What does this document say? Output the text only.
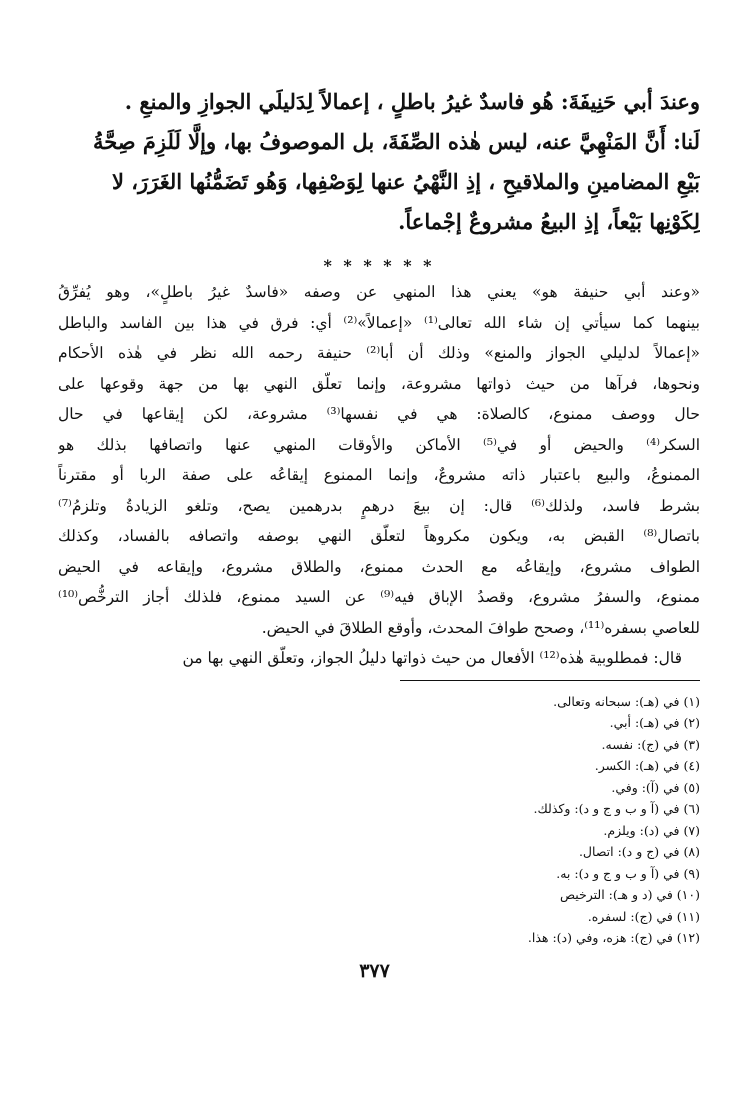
وعندَ أبي حَنِيفَةَ: هُو فاسدٌ غيرُ باطلٍ ، إعمالاً لِدَليلَي الجوازِ والمنعِ .
لَنا: أَنَّ المَنْهِيَّ عنه، ليس هٰذه الصِّفَةَ، بل الموصوفُ بها، وإلَّا لَلَزِمَ صِحَّةُ
بَيْعِ المضامينِ والملاقيحِ ، إذِ النَّهْيُ عنها لِوَصْفِها، وَهُو تَضَمُّنُها الغَرَرَ، لا
لِكَوْنِها بَيْعاً، إذِ البيعُ مشروعٌ إجْماعاً.
* * * * * *
«وعند أبي حنيفة هو» يعني هذا المنهي عن وصفه «فاسدٌ غيرُ باطلٍ»، وهو يُفرِّقُ
بينهما كما سيأتي إن شاء الله تعالى⁽¹⁾ «إعمالاً»⁽²⁾ أي: فرق في هذا بين الفاسد والباطل
«إعمالاً لدليلي الجواز والمنع» وذلك أن أبا⁽²⁾ حنيفة رحمه الله نظر في هٰذه الأحكام
ونحوها، فرآها من حيث ذواتها مشروعة، وإنما تعلّق النهي بها من جهة وقوعها على
حال ووصف ممنوع، كالصلاة: هي في نفسها⁽³⁾ مشروعة، لكن إيقاعها في حال
السكر⁽⁴⁾ والحيض أو في⁽⁵⁾ الأماكن والأوقات المنهي عنها واتصافها بذلك هو
الممنوعُ، والبيع باعتبار ذاته مشروعٌ، وإنما الممنوع إيقاعُه على صفة الربا أو مقترناً
بشرط فاسد، ولذلك⁽⁶⁾ قال: إن بيعَ درهمٍ بدرهمين يصح، وتلغو الزيادةُ وتلزمُ⁽⁷⁾
باتصال⁽⁸⁾ القبض به، ويكون مكروهاً لتعلّق النهي بوصفه واتصافه بالفساد، وكذلك
الطواف مشروع، وإيقاعُه مع الحدث ممنوع، والطلاق مشروع، وإيقاعه في الحيض
ممنوع، والسفرُ مشروع، وقصدُ الإباق فيه⁽⁹⁾ عن السيد ممنوع، فلذلك أجاز الترخُّص⁽¹⁰⁾
للعاصي بسفره⁽¹¹⁾، وصحح طوافَ المحدث، وأوقع الطلاقَ في الحيض.
قال: فمطلوبية هٰذه⁽¹²⁾ الأفعال من حيث ذواتها دليلُ الجواز، وتعلّق النهي بها من
(١) في (هـ): سبحانه وتعالى.
(٢) في (هـ): أبي.
(٣) في (ج): نفسه.
(٤) في (هـ): الكسر.
(٥) في (آ): وفي.
(٦) في (آ و ب و ج و د): وكذلك.
(٧) في (د): ويلزم.
(٨) في (ج و د): اتصال.
(٩) في (آ و ب و ج و د): به.
(١٠) في (د و هـ): الترخيص
(١١) في (ج): لسفره.
(١٢) في (ج): هزه، وفي (د): هذا.
٣٧٧
